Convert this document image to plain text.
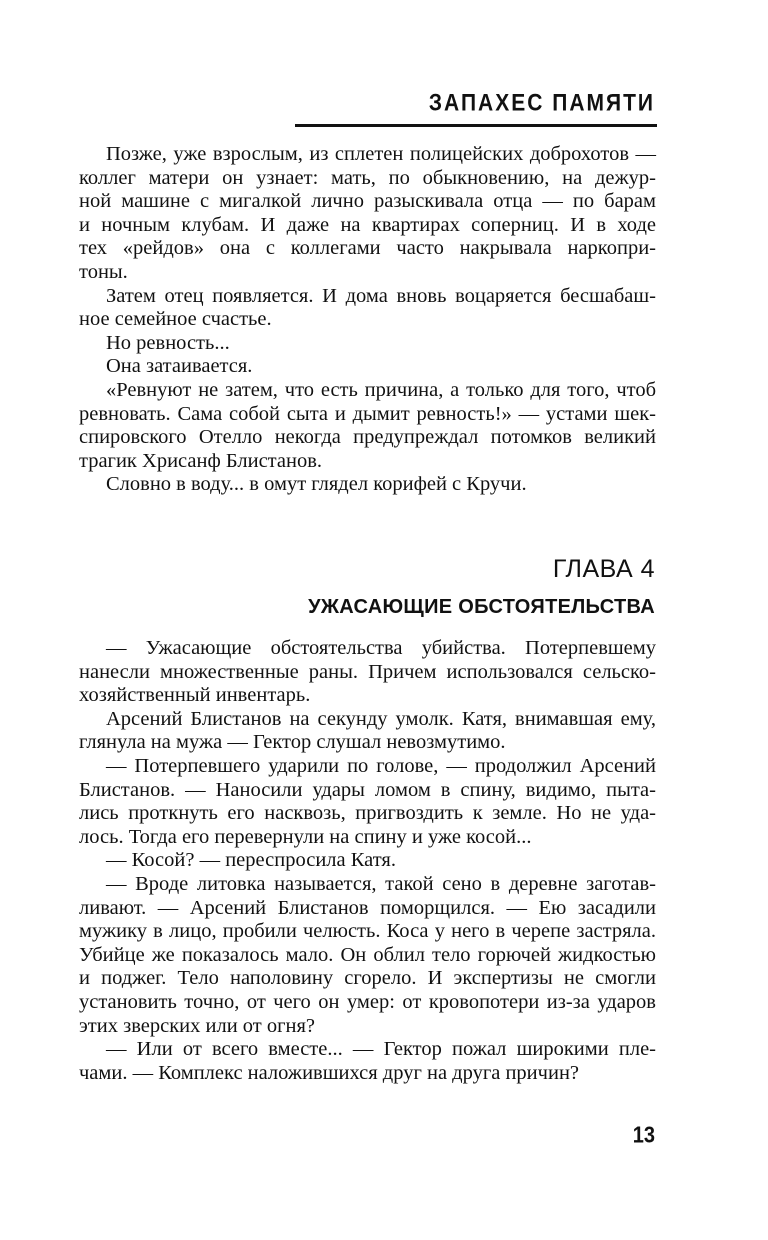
ЗАПАХЕС ПАМЯТИ

Позже, уже взрослым, из сплетен полицейских доброхотов —
коллег матери он узнает: мать, по обыкновению, на дежур-
ной машине с мигалкой лично разыскивала отца — по барам
и ночным клубам. И даже на квартирах соперниц. И в ходе
тех «рейдов» она с коллегами часто накрывала наркопри-
тоны.

Затем отец появляется. И дома вновь воцаряется бесшабаш-
ное семейное счастье.

Но ревность...

Она затаивается.

«Ревнуют не затем, что есть причина, а только для того, чтоб
ревновать. Сама собой сыта и дымит ревность!» — устами шек-
спировского Отелло некогда предупреждал потомков великий
трагик Хрисанф Блистанов.

Словно в воду... в омут глядел корифей с Кручи.

ГЛАВА 4
УЖАСАЮЩИЕ ОБСТОЯТЕЛЬСТВА

— Ужасающие обстоятельства убийства. Потерпевшему
нанесли множественные раны. Причем использовался сельско-
хозяйственный инвентарь.

Арсений Блистанов на секунду умолк. Катя, внимавшая ему,
глянула на мужа — Гектор слушал невозмутимо.

— Потерпевшего ударили по голове, — продолжил Арсений
Блистанов. — Наносили удары ломом в спину, видимо, пыта-
лись проткнуть его насквозь, пригвоздить к земле. Но не уда-
лось. Тогда его перевернули на спину и уже косой...

— Косой? — переспросила Катя.

— Вроде литовка называется, такой сено в деревне заготав-
ливают. — Арсений Блистанов поморщился. — Ею засадили
мужику в лицо, пробили челюсть. Коса у него в черепе застряла.
Убийце же показалось мало. Он облил тело горючей жидкостью
и поджег. Тело наполовину сгорело. И экспертизы не смогли
установить точно, от чего он умер: от кровопотери из-за ударов
этих зверских или от огня?

— Или от всего вместе... — Гектор пожал широкими пле-
чами. — Комплекс наложившихся друг на друга причин?

13
